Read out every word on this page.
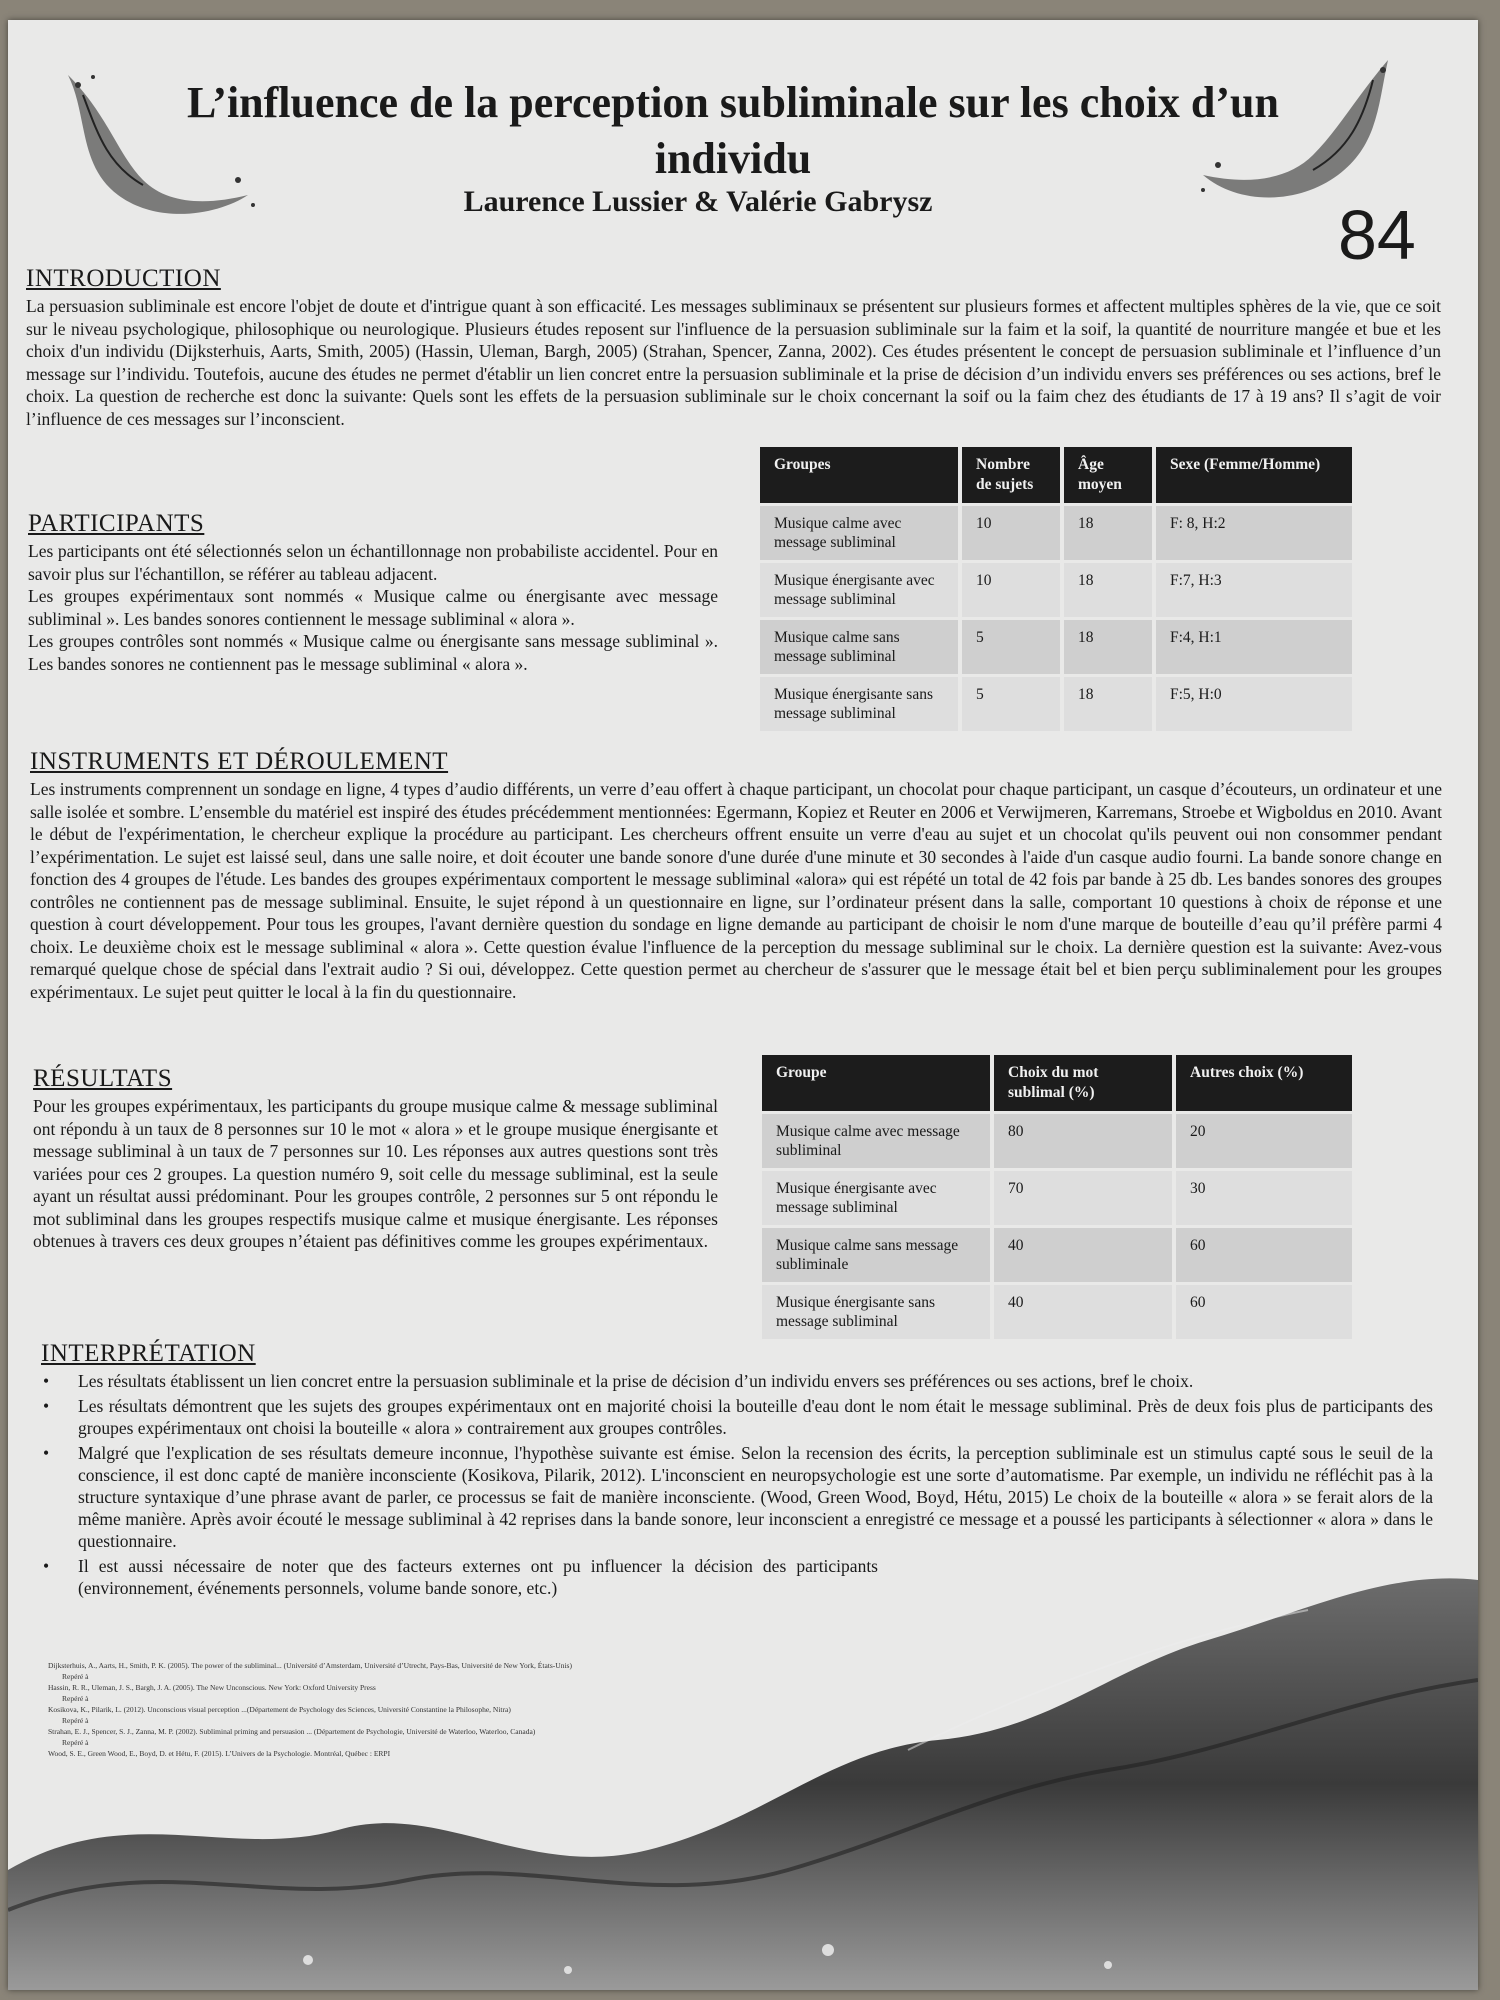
L’influence de la perception subliminale sur les choix d’un individu
Laurence Lussier & Valérie Gabrysz	84
INTRODUCTION
La persuasion subliminale est encore l'objet de doute et d'intrigue quant à son efficacité. Les messages subliminaux se présentent sur plusieurs formes et affectent multiples sphères de la vie, que ce soit sur le niveau psychologique, philosophique ou neurologique. Plusieurs études reposent sur l'influence de la persuasion subliminale sur la faim et la soif, la quantité de nourriture mangée et bue et les choix d'un individu (Dijksterhuis, Aarts, Smith, 2005) (Hassin, Uleman, Bargh, 2005) (Strahan, Spencer, Zanna, 2002). Ces études présentent le concept de persuasion subliminale et l’influence d’un message sur l’individu. Toutefois, aucune des études ne permet d'établir un lien concret entre la persuasion subliminale et la prise de décision d’un individu envers ses préférences ou ses actions, bref le choix. La question de recherche est donc la suivante: Quels sont les effets de la persuasion subliminale sur le choix concernant la soif ou la faim chez des étudiants de 17 à 19 ans? Il s’agit de voir l’influence de ces messages sur l’inconscient.
PARTICIPANTS

Les participants ont été sélectionnés selon un échantillonnage non probabiliste accidentel. Pour en savoir plus sur l'échantillon, se référer au tableau adjacent.

Les groupes expérimentaux sont nommés « Musique calme ou énergisante avec message subliminal ». Les bandes sonores contiennent le message subliminal « alora ».

Les groupes contrôles sont nommés « Musique calme ou énergisante sans message subliminal ». Les bandes sonores ne contiennent pas le message subliminal « alora ».

Groupes	Nombre de sujets	Âge moyen	Sexe (Femme/Homme)
Musique calme avec message subliminal	10	18	F: 8, H:2
Musique énergisante avec message subliminal	10	18	F:7, H:3
Musique calme sans message subliminal	5	18	F:4, H:1
Musique énergisante sans message subliminal	5	18	F:5, H:0
INSTRUMENTS ET DÉROULEMENT
Les instruments comprennent un sondage en ligne, 4 types d’audio différents, un verre d’eau offert à chaque participant, un chocolat pour chaque participant, un casque d’écouteurs, un ordinateur et une salle isolée et sombre. L’ensemble du matériel est inspiré des études précédemment mentionnées: Egermann, Kopiez et Reuter en 2006 et Verwijmeren, Karremans, Stroebe et Wigboldus en 2010. Avant le début de l'expérimentation, le chercheur explique la procédure au participant. Les chercheurs offrent ensuite un verre d'eau au sujet et un chocolat qu'ils peuvent oui non consommer pendant l’expérimentation. Le sujet est laissé seul, dans une salle noire, et doit écouter une bande sonore d'une durée d'une minute et 30 secondes à l'aide d'un casque audio fourni. La bande sonore change en fonction des 4 groupes de l'étude. Les bandes des groupes expérimentaux comportent le message subliminal «alora» qui est répété un total de 42 fois par bande à 25 db. Les bandes sonores des groupes contrôles ne contiennent pas de message subliminal. Ensuite, le sujet répond à un questionnaire en ligne, sur l’ordinateur présent dans la salle, comportant 10 questions à choix de réponse et une question à court développement. Pour tous les groupes, l'avant dernière question du sondage en ligne demande au participant de choisir le nom d'une marque de bouteille d’eau qu’il préfère parmi 4 choix. Le deuxième choix est le message subliminal « alora ». Cette question évalue l'influence de la perception du message subliminal sur le choix. La dernière question est la suivante: Avez-vous remarqué quelque chose de spécial dans l'extrait audio ? Si oui, développez. Cette question permet au chercheur de s'assurer que le message était bel et bien perçu subliminalement pour les groupes expérimentaux. Le sujet peut quitter le local à la fin du questionnaire.
RÉSULTATS
Pour les groupes expérimentaux, les participants du groupe musique calme & message subliminal ont répondu à un taux de 8 personnes sur 10 le mot « alora » et le groupe musique énergisante et message subliminal à un taux de 7 personnes sur 10. Les réponses aux autres questions sont très variées pour ces 2 groupes. La question numéro 9, soit celle du message subliminal, est la seule ayant un résultat aussi prédominant. Pour les groupes contrôle, 2 personnes sur 5 ont répondu le mot subliminal dans les groupes respectifs musique calme et musique énergisante. Les réponses obtenues à travers ces deux groupes n’étaient pas définitives comme les groupes expérimentaux.
Groupe	Choix du mot sublimal (%)	Autres choix (%)
Musique calme avec message subliminal	80	20
Musique énergisante avec message subliminal	70	30
Musique calme sans message subliminale	40	60
Musique énergisante sans message subliminal	40	60
INTERPRÉTATION
• Les résultats établissent un lien concret entre la persuasion subliminale et la prise de décision d’un individu envers ses préférences ou ses actions, bref le choix.
• Les résultats démontrent que les sujets des groupes expérimentaux ont en majorité choisi la bouteille d'eau dont le nom était le message subliminal. Près de deux fois plus de participants des groupes expérimentaux ont choisi la bouteille « alora » contrairement aux groupes contrôles.
• Malgré que l'explication de ses résultats demeure inconnue, l'hypothèse suivante est émise. Selon la recension des écrits, la perception subliminale est un stimulus capté sous le seuil de la conscience, il est donc capté de manière inconsciente (Kosikova, Pilarik, 2012). L'inconscient en neuropsychologie est une sorte d’automatisme. Par exemple, un individu ne réfléchit pas à la structure syntaxique d’une phrase avant de parler, ce processus se fait de manière inconsciente. (Wood, Green Wood, Boyd, Hétu, 2015) Le choix de la bouteille « alora » se ferait alors de la même manière. Après avoir écouté le message subliminal à 42 reprises dans la bande sonore, leur inconscient a enregistré ce message et a poussé les participants à sélectionner « alora » dans le questionnaire.
• Il est aussi nécessaire de noter que des facteurs externes ont pu influencer la décision des participants (environnement, événements personnels, volume bande sonore, etc.)
Dijksterhuis, A., Aarts, H., Smith, P. K. (2005). The power of the subliminal... (Université d’Amsterdam, Université d’Utrecht, Pays-Bas, Université de New York, États-Unis)
Repéré à
Hassin, R. R., Uleman, J. S., Bargh, J. A. (2005). The New Unconscious. New York: Oxford University Press
Repéré à
Kosikova, K., Pilarik, L. (2012). Unconscious visual perception ...(Département de Psychology des Sciences, Université Constantine la Philosophe, Nitra)
Repéré à
Strahan, E. J., Spencer, S. J., Zanna, M. P. (2002). Subliminal priming and persuasion ... (Département de Psychologie, Université de Waterloo, Waterloo, Canada)
Repéré à
Wood, S. E., Green Wood, E., Boyd, D. et Hétu, F. (2015). L’Univers de la Psychologie. Montréal, Québec : ERPI
